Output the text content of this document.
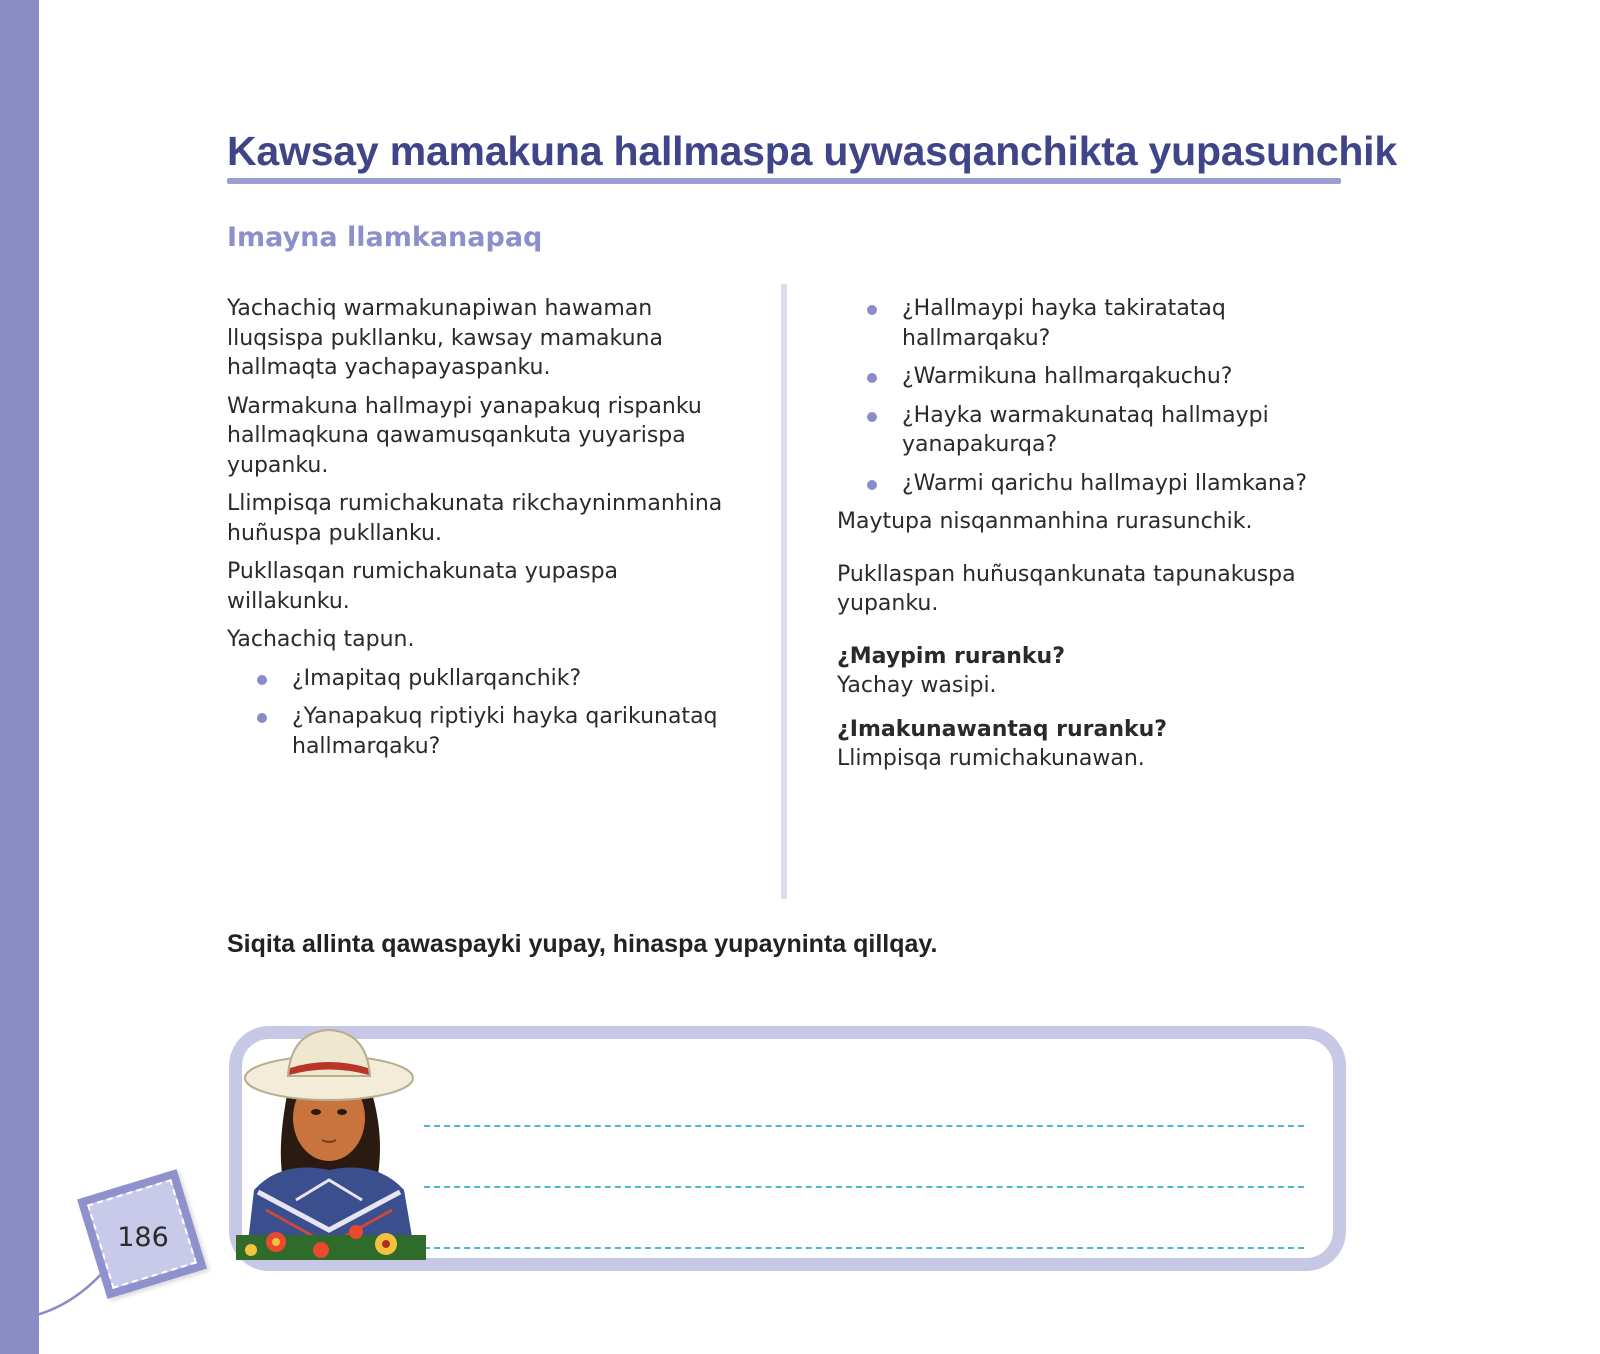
Kawsay mamakuna hallmaspa uywasqanchikta yupasunchik
Imayna llamkanapaq

Yachachiq warmakunapiwan hawaman lluqsispa pukllanku, kawsay mamakuna hallmaqta yachapayaspanku.

Warmakuna hallmaypi yanapakuq rispanku hallmaqkuna qawamusqankuta yuyarispa yupanku.

Llimpisqa rumichakunata rikchayninmanhina huñuspa pukllanku.

Pukllasqan rumichakunata yupaspa willakunku.

Yachachiq tapun.

¿Imapitaq pukllarqanchik?
¿Yanapakuq riptiyki hayka qarikunataq hallmarqaku?
¿Hallmaypi hayka takiratataq hallmarqaku?
¿Warmikuna hallmarqakuchu?
¿Hayka warmakunataq hallmaypi yanapakurqa?
¿Warmi qarichu hallmaypi llamkana?

Maytupa nisqanmanhina rurasunchik.

Pukllaspan huñusqankunata tapunakuspa yupanku.

¿Maypim ruranku?

Yachay wasipi.

¿Imakunawantaq ruranku?

Llimpisqa rumichakunawan.

Siqita allinta qawaspayki yupay, hinaspa yupayninta qillqay.

186
